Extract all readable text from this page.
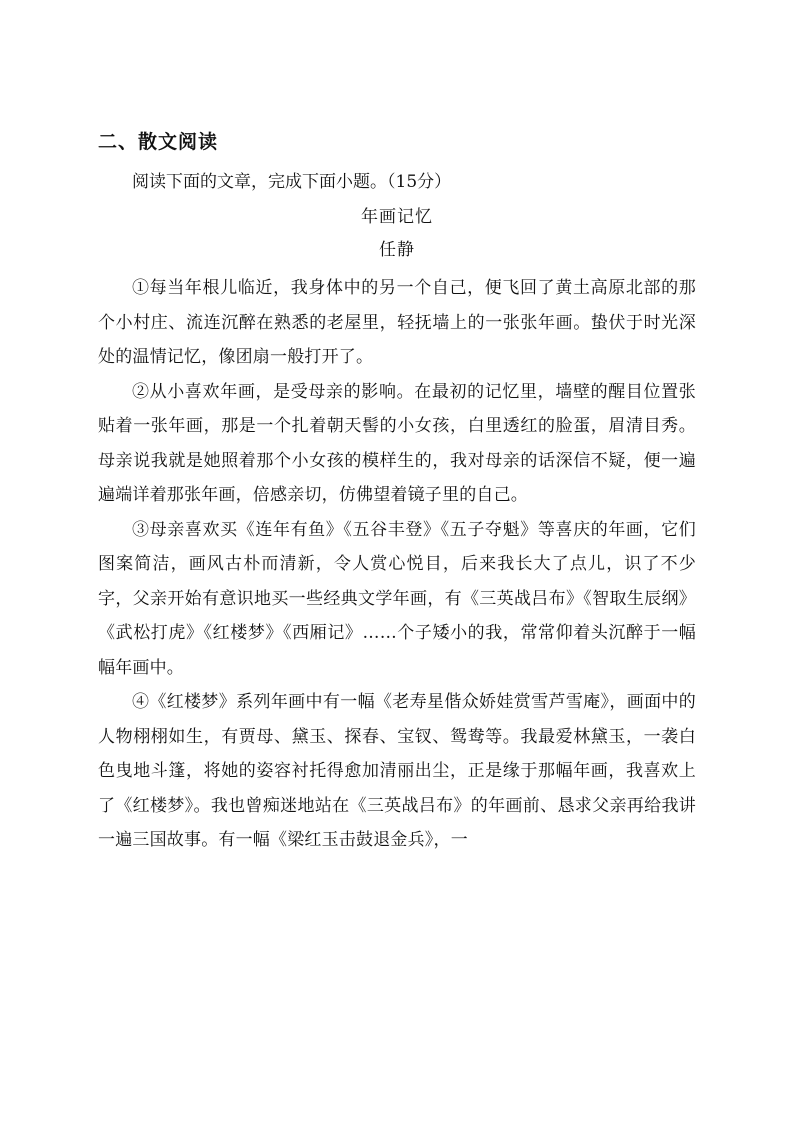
二、散文阅读

阅读下面的文章，完成下面小题。（15分）

年画记忆

任静

①每当年根儿临近，我身体中的另一个自己，便飞回了黄土高原北部的那个小村庄、流连沉醉在熟悉的老屋里，轻抚墙上的一张张年画。蛰伏于时光深处的温情记忆，像团扇一般打开了。

②从小喜欢年画，是受母亲的影响。在最初的记忆里，墙壁的醒目位置张贴着一张年画，那是一个扎着朝天髻的小女孩，白里透红的脸蛋，眉清目秀。母亲说我就是她照着那个小女孩的模样生的，我对母亲的话深信不疑，便一遍遍端详着那张年画，倍感亲切，仿佛望着镜子里的自己。

③母亲喜欢买《连年有鱼》《五谷丰登》《五子夺魁》等喜庆的年画，它们图案简洁，画风古朴而清新，令人赏心悦目，后来我长大了点儿，识了不少字，父亲开始有意识地买一些经典文学年画，有《三英战吕布》《智取生辰纲》《武松打虎》《红楼梦》《西厢记》……个子矮小的我，常常仰着头沉醉于一幅幅年画中。

④《红楼梦》系列年画中有一幅《老寿星偕众娇娃赏雪芦雪庵》，画面中的人物栩栩如生，有贾母、黛玉、探春、宝钗、鸳鸯等。我最爱林黛玉，一袭白色曳地斗篷，将她的姿容衬托得愈加清丽出尘，正是缘于那幅年画，我喜欢上了《红楼梦》。我也曾痴迷地站在《三英战吕布》的年画前、恳求父亲再给我讲一遍三国故事。有一幅《梁红玉击鼓退金兵》，一
